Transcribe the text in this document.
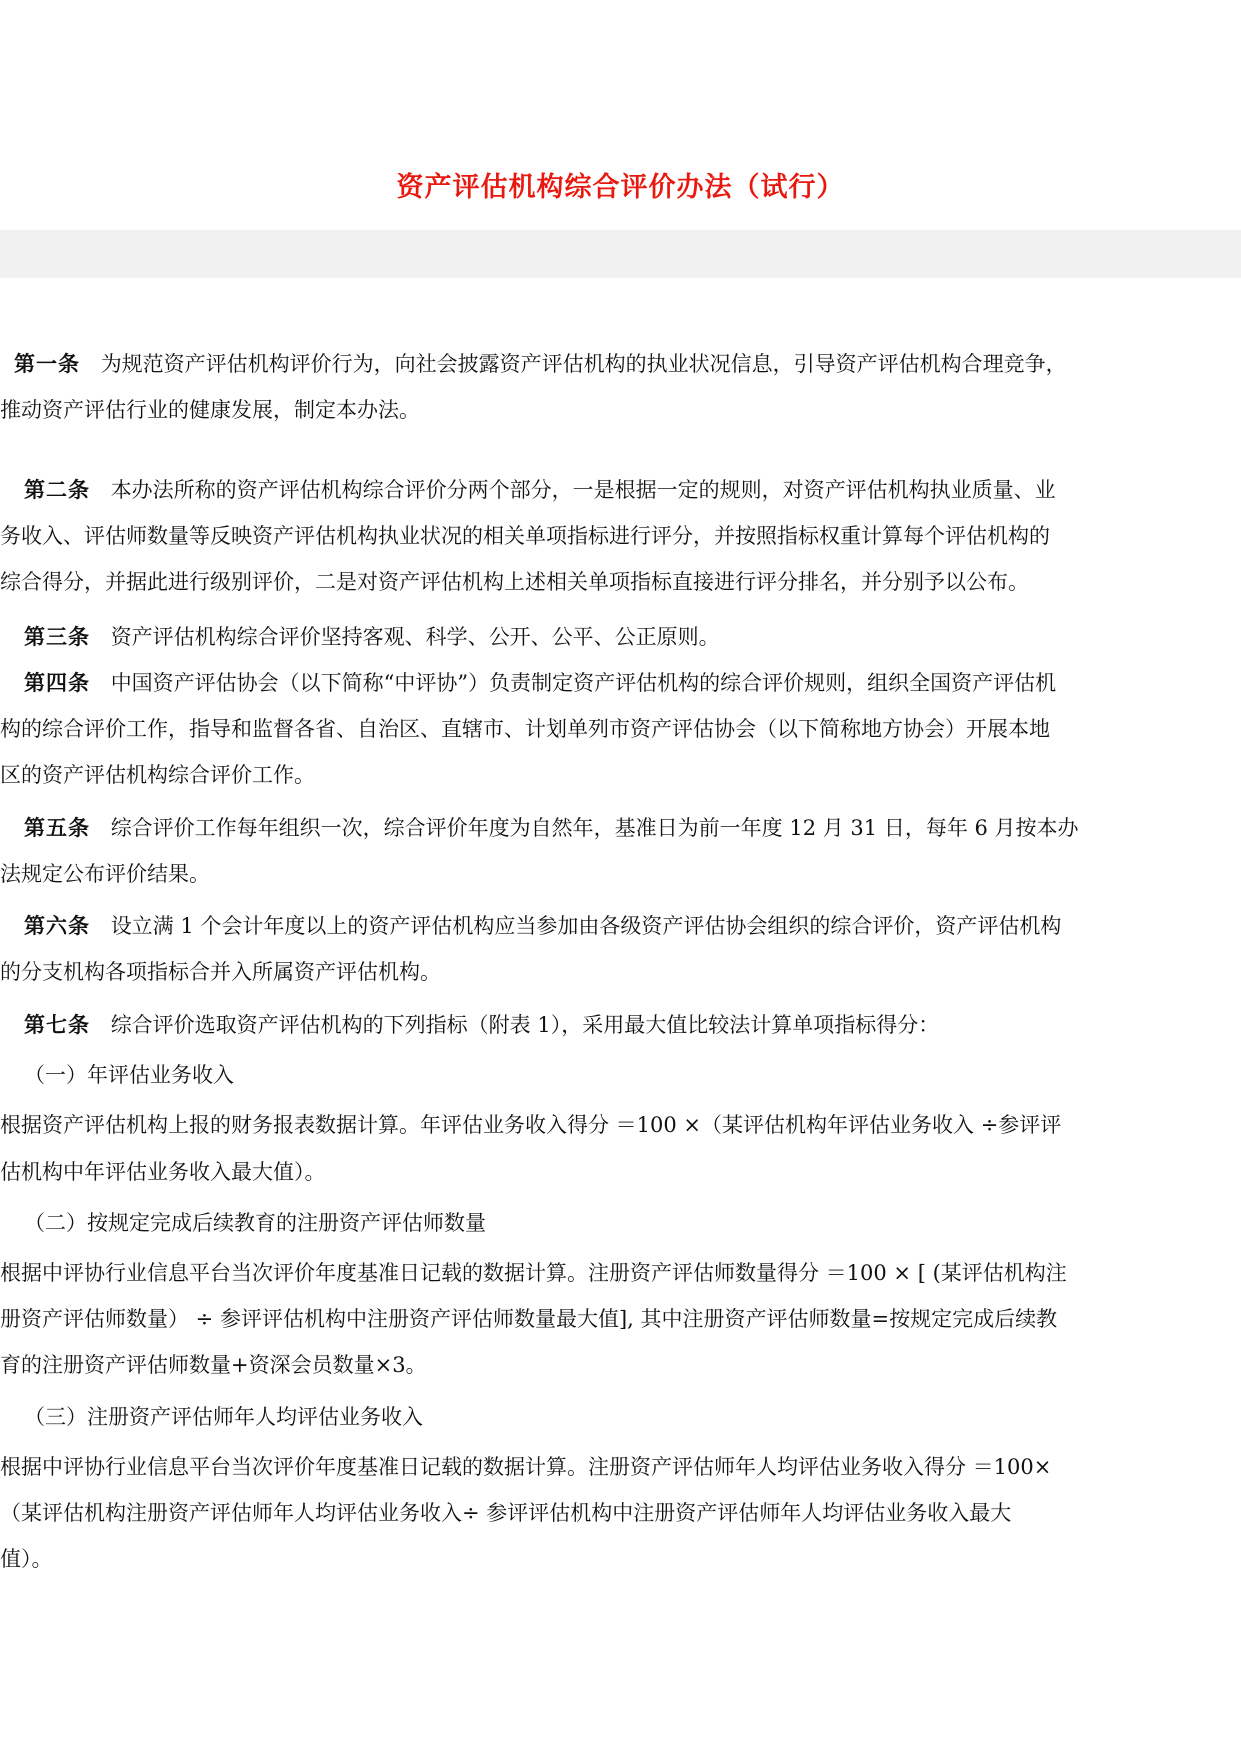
资产评估机构综合评价办法（试行）
第一条 为规范资产评估机构评价行为，向社会披露资产评估机构的执业状况信息，引导资产评估机构合理竞争，
推动资产评估行业的健康发展，制定本办法。
第二条 本办法所称的资产评估机构综合评价分两个部分，一是根据一定的规则，对资产评估机构执业质量、业
务收入、评估师数量等反映资产评估机构执业状况的相关单项指标进行评分，并按照指标权重计算每个评估机构的
综合得分，并据此进行级别评价，二是对资产评估机构上述相关单项指标直接进行评分排名，并分别予以公布。
第三条 资产评估机构综合评价坚持客观、科学、公开、公平、公正原则。
第四条 中国资产评估协会（以下简称“中评协”）负责制定资产评估机构的综合评价规则，组织全国资产评估机
构的综合评价工作，指导和监督各省、自治区、直辖市、计划单列市资产评估协会（以下简称地方协会）开展本地
区的资产评估机构综合评价工作。
第五条 综合评价工作每年组织一次，综合评价年度为自然年，基准日为前一年度 12 月 31 日，每年 6 月按本办
法规定公布评价结果。
第六条 设立满 1 个会计年度以上的资产评估机构应当参加由各级资产评估协会组织的综合评价，资产评估机构
的分支机构各项指标合并入所属资产评估机构。
第七条 综合评价选取资产评估机构的下列指标（附表 1），采用最大值比较法计算单项指标得分：
（一）年评估业务收入
根据资产评估机构上报的财务报表数据计算。年评估业务收入得分 ＝100 ×（某评估机构年评估业务收入 ÷参评评
估机构中年评估业务收入最大值）。
（二）按规定完成后续教育的注册资产评估师数量
根据中评协行业信息平台当次评价年度基准日记载的数据计算。注册资产评估师数量得分 ＝100 × [ (某评估机构注
册资产评估师数量） ÷ 参评评估机构中注册资产评估师数量最大值], 其中注册资产评估师数量=按规定完成后续教
育的注册资产评估师数量+资深会员数量×3。
（三）注册资产评估师年人均评估业务收入
根据中评协行业信息平台当次评价年度基准日记载的数据计算。注册资产评估师年人均评估业务收入得分 ＝100×
（某评估机构注册资产评估师年人均评估业务收入÷ 参评评估机构中注册资产评估师年人均评估业务收入最大
值）。
